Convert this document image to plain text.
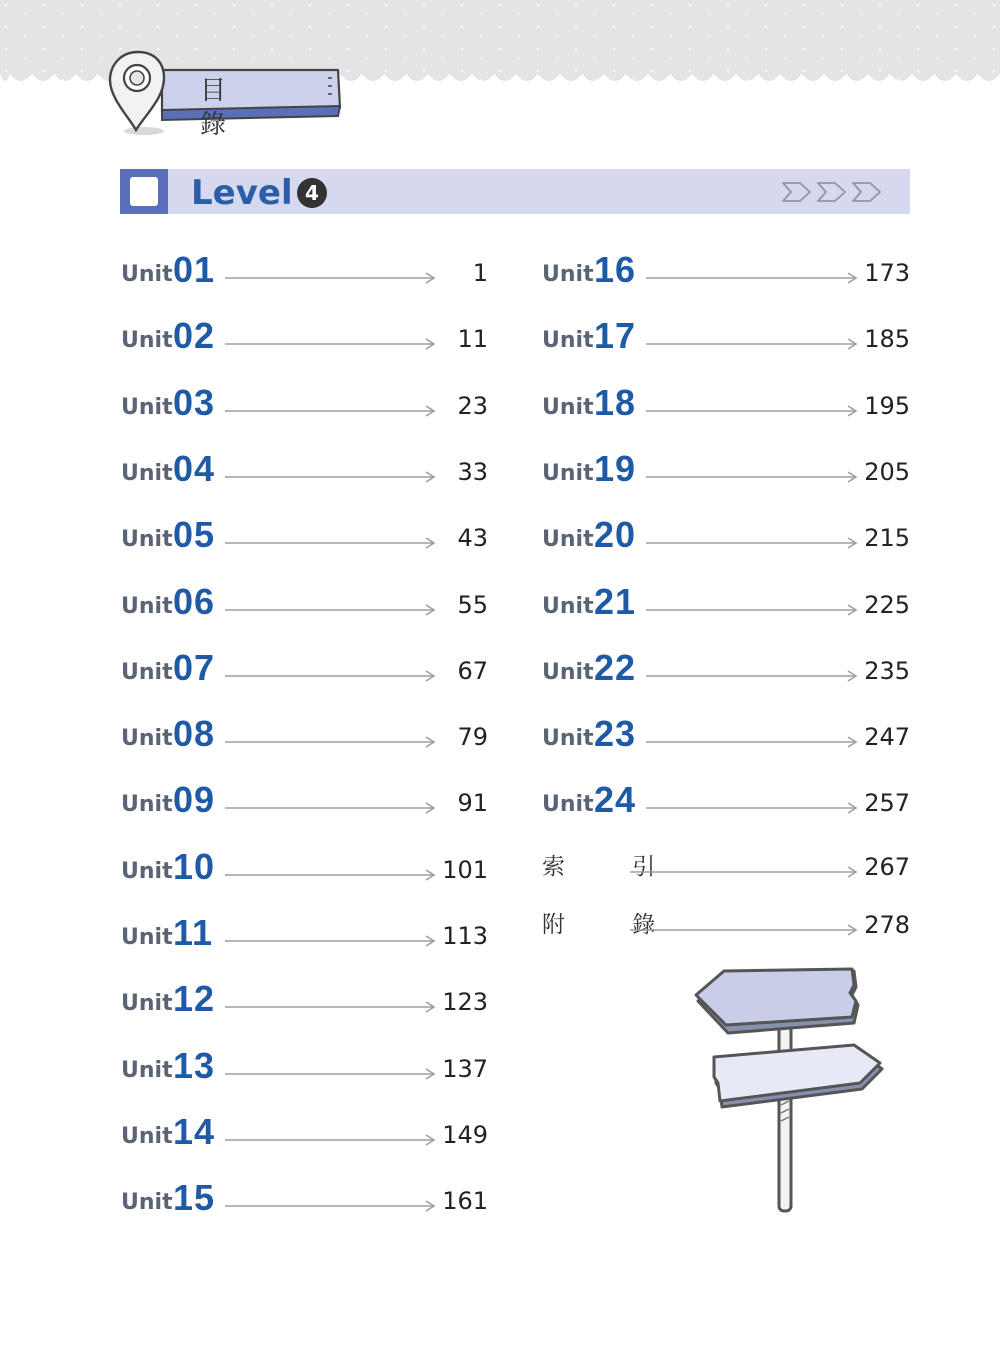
目 錄
Level 4
Unit 01	1
Unit 02	11
Unit 03	23
Unit 04	33
Unit 05	43
Unit 06	55
Unit 07	67
Unit 08	79
Unit 09	91
Unit 10	101
Unit 11	113
Unit 12	123
Unit 13	137
Unit 14	149
Unit 15	161
Unit 16	173
Unit 17	185
Unit 18	195
Unit 19	205
Unit 20	215
Unit 21	225
Unit 22	235
Unit 23	247
Unit 24	257
索 引	267
附 錄	278
